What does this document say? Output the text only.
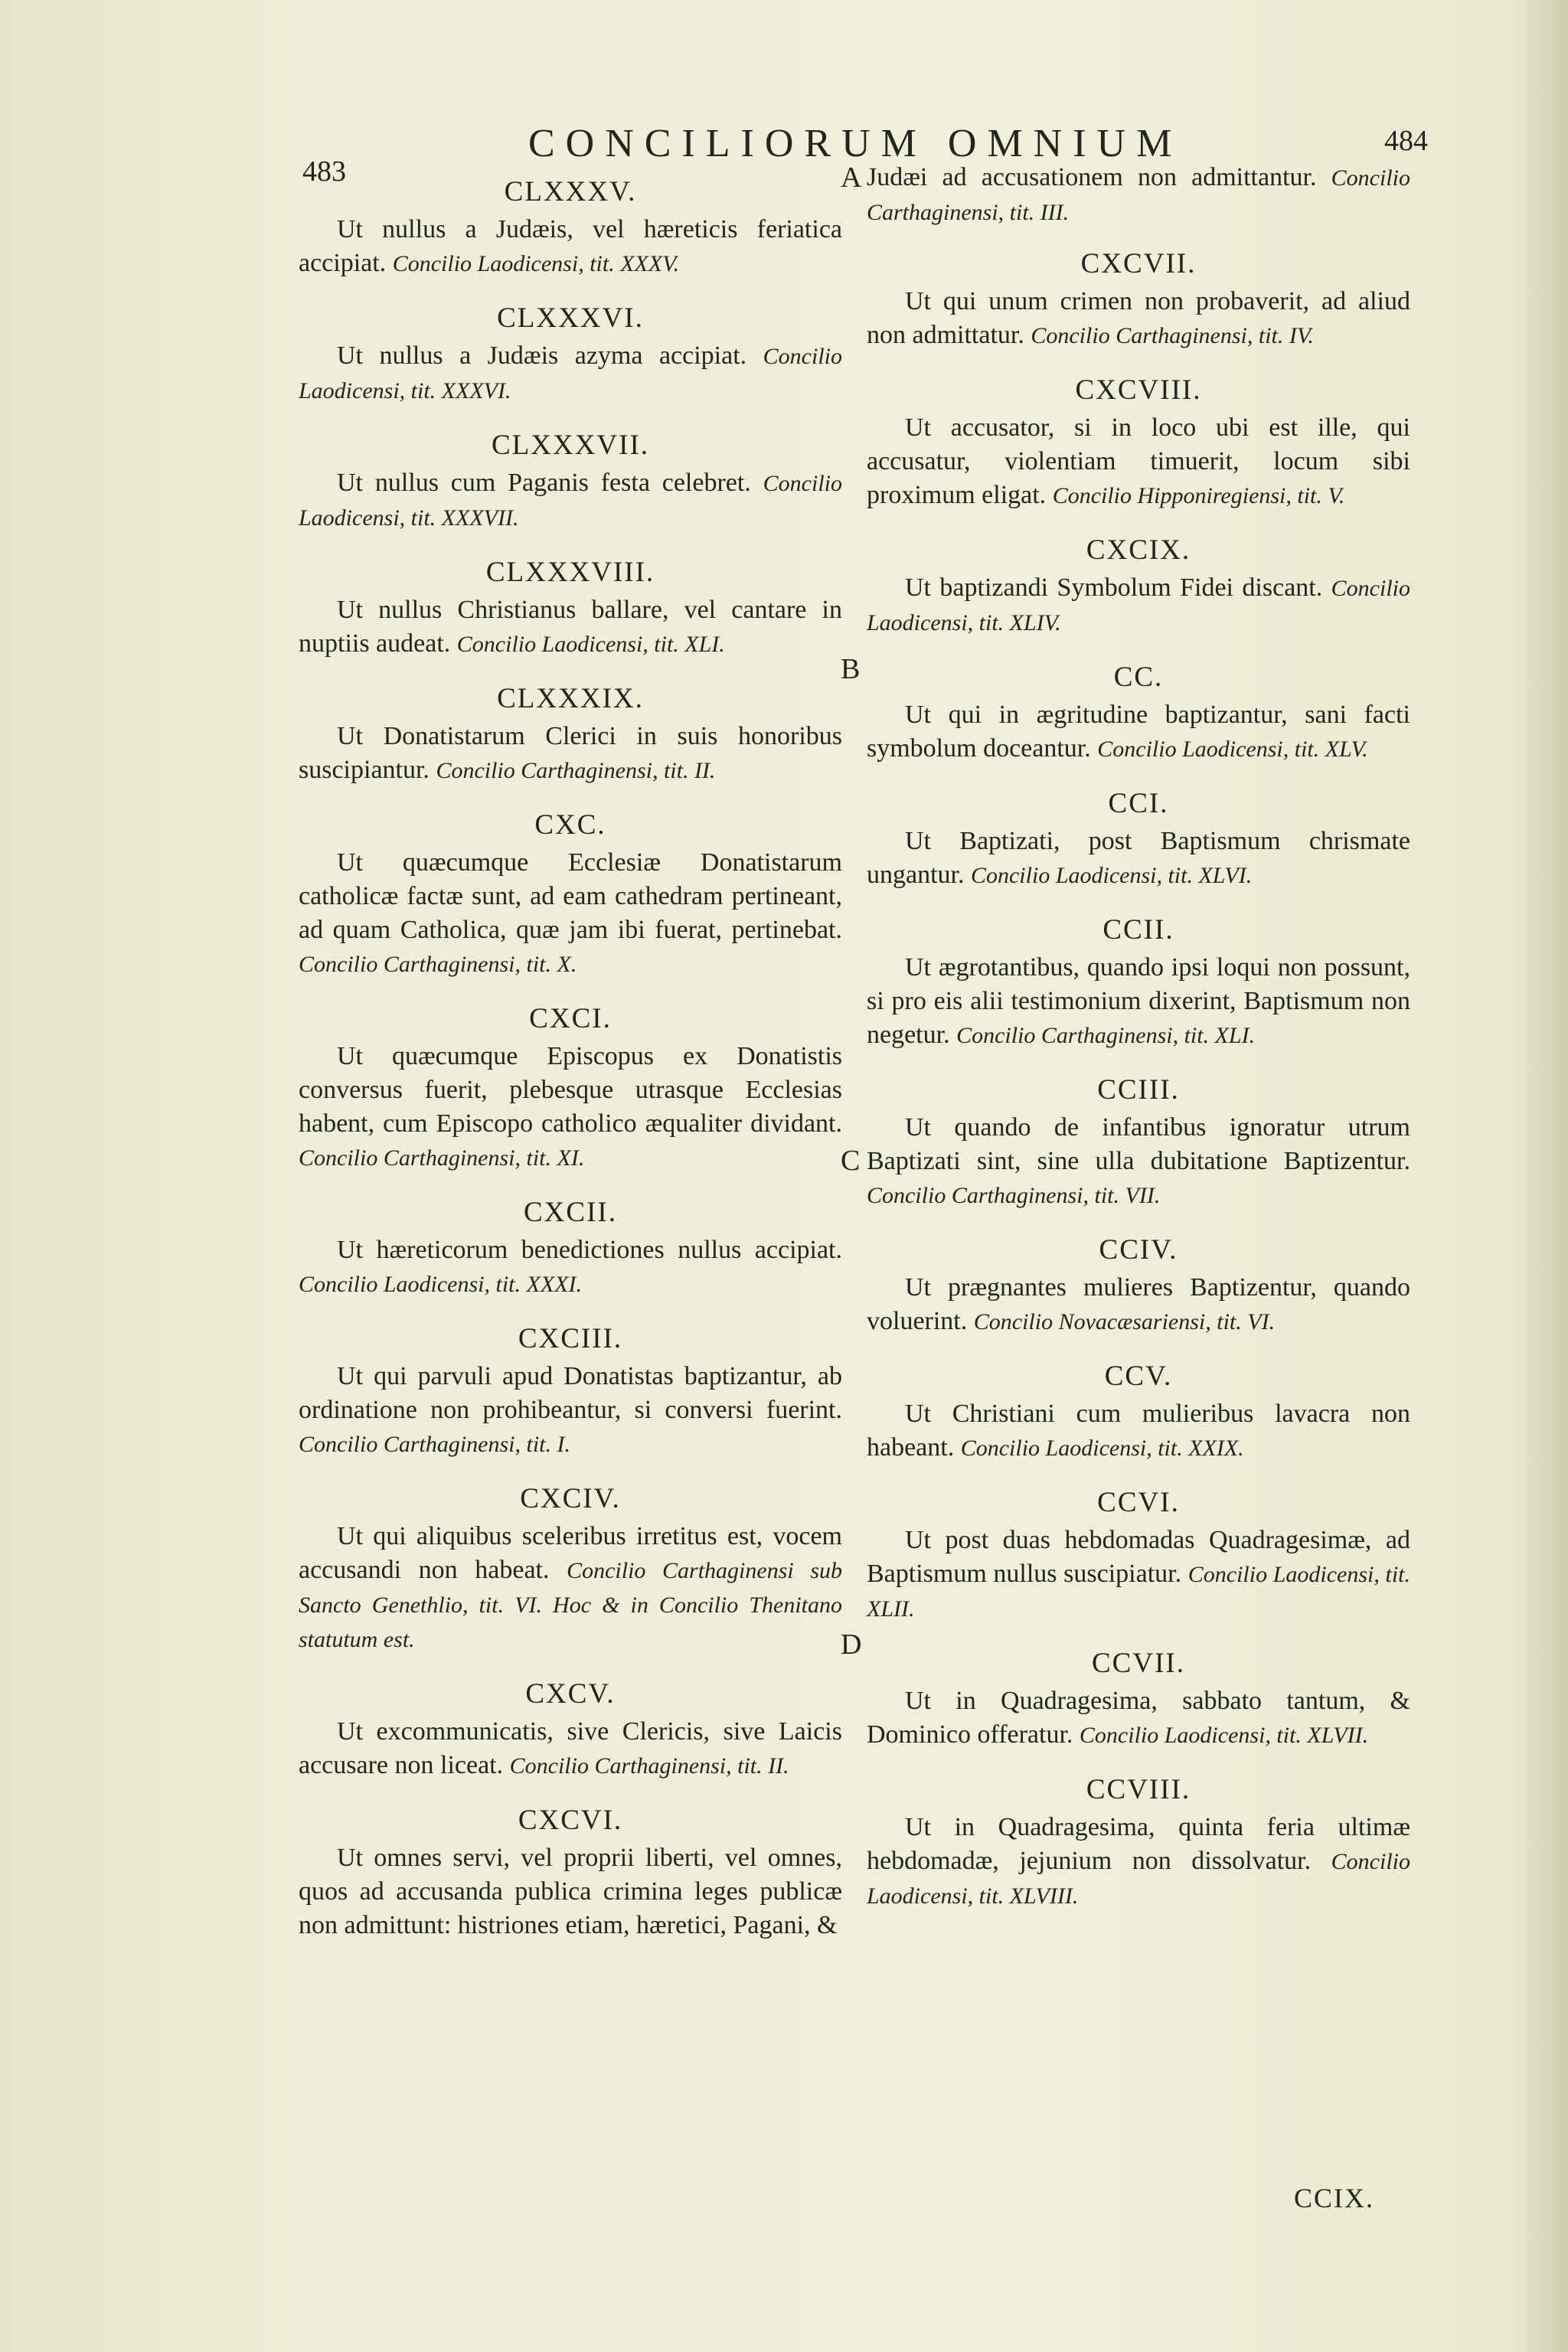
483
CONCILIORUM OMNIUM	484
A
B
C
D
CLXXXV.

Ut nullus a Judæis, vel hæreticis feriatica accipiat. Concilio Laodicensi, tit. XXXV.

CLXXXVI.

Ut nullus a Judæis azyma accipiat. Concilio Laodicensi, tit. XXXVI.

CLXXXVII.

Ut nullus cum Paganis festa celebret. Concilio Laodicensi, tit. XXXVII.

CLXXXVIII.

Ut nullus Christianus ballare, vel cantare in nuptiis audeat. Concilio Laodicensi, tit. XLI.

CLXXXIX.

Ut Donatistarum Clerici in suis honoribus suscipiantur. Concilio Carthaginensi, tit. II.

CXC.

Ut quæcumque Ecclesiæ Donatistarum catholicæ factæ sunt, ad eam cathedram pertineant, ad quam Catholica, quæ jam ibi fuerat, pertinebat. Concilio Carthaginensi, tit. X.

CXCI.

Ut quæcumque Episcopus ex Donatistis conversus fuerit, plebesque utrasque Ecclesias habent, cum Episcopo catholico æqualiter dividant. Concilio Carthaginensi, tit. XI.

CXCII.

Ut hæreticorum benedictiones nullus accipiat. Concilio Laodicensi, tit. XXXI.

CXCIII.

Ut qui parvuli apud Donatistas baptizantur, ab ordinatione non prohibeantur, si conversi fuerint. Concilio Carthaginensi, tit. I.

CXCIV.

Ut qui aliquibus sceleribus irretitus est, vocem accusandi non habeat. Concilio Carthaginensi sub Sancto Genethlio, tit. VI. Hoc & in Concilio Thenitano statutum est.

CXCV.

Ut excommunicatis, sive Clericis, sive Laicis accusare non liceat. Concilio Carthaginensi, tit. II.

CXCVI.

Ut omnes servi, vel proprii liberti, vel omnes, quos ad accusanda publica crimina leges publicæ non admittunt: histriones etiam, hæretici, Pagani, &

Judæi ad accusationem non admittantur. Concilio Carthaginensi, tit. III.

CXCVII.

Ut qui unum crimen non probaverit, ad aliud non admittatur. Concilio Carthaginensi, tit. IV.

CXCVIII.

Ut accusator, si in loco ubi est ille, qui accusatur, violentiam timuerit, locum sibi proximum eligat. Concilio Hipponiregiensi, tit. V.

CXCIX.

Ut baptizandi Symbolum Fidei discant. Concilio Laodicensi, tit. XLIV.

CC.

Ut qui in ægritudine baptizantur, sani facti symbolum doceantur. Concilio Laodicensi, tit. XLV.

CCI.

Ut Baptizati, post Baptismum chrismate ungantur. Concilio Laodicensi, tit. XLVI.

CCII.

Ut ægrotantibus, quando ipsi loqui non possunt, si pro eis alii testimonium dixerint, Baptismum non negetur. Concilio Carthaginensi, tit. XLI.

CCIII.

Ut quando de infantibus ignoratur utrum Baptizati sint, sine ulla dubitatione Baptizentur. Concilio Carthaginensi, tit. VII.

CCIV.

Ut prægnantes mulieres Baptizentur, quando voluerint. Concilio Novacæsariensi, tit. VI.

CCV.

Ut Christiani cum mulieribus lavacra non habeant. Concilio Laodicensi, tit. XXIX.

CCVI.

Ut post duas hebdomadas Quadragesimæ, ad Baptismum nullus suscipiatur. Concilio Laodicensi, tit. XLII.

CCVII.

Ut in Quadragesima, sabbato tantum, & Dominico offeratur. Concilio Laodicensi, tit. XLVII.

CCVIII.

Ut in Quadragesima, quinta feria ultimæ hebdomadæ, jejunium non dissolvatur. Concilio Laodicensi, tit. XLVIII.

CCIX.
